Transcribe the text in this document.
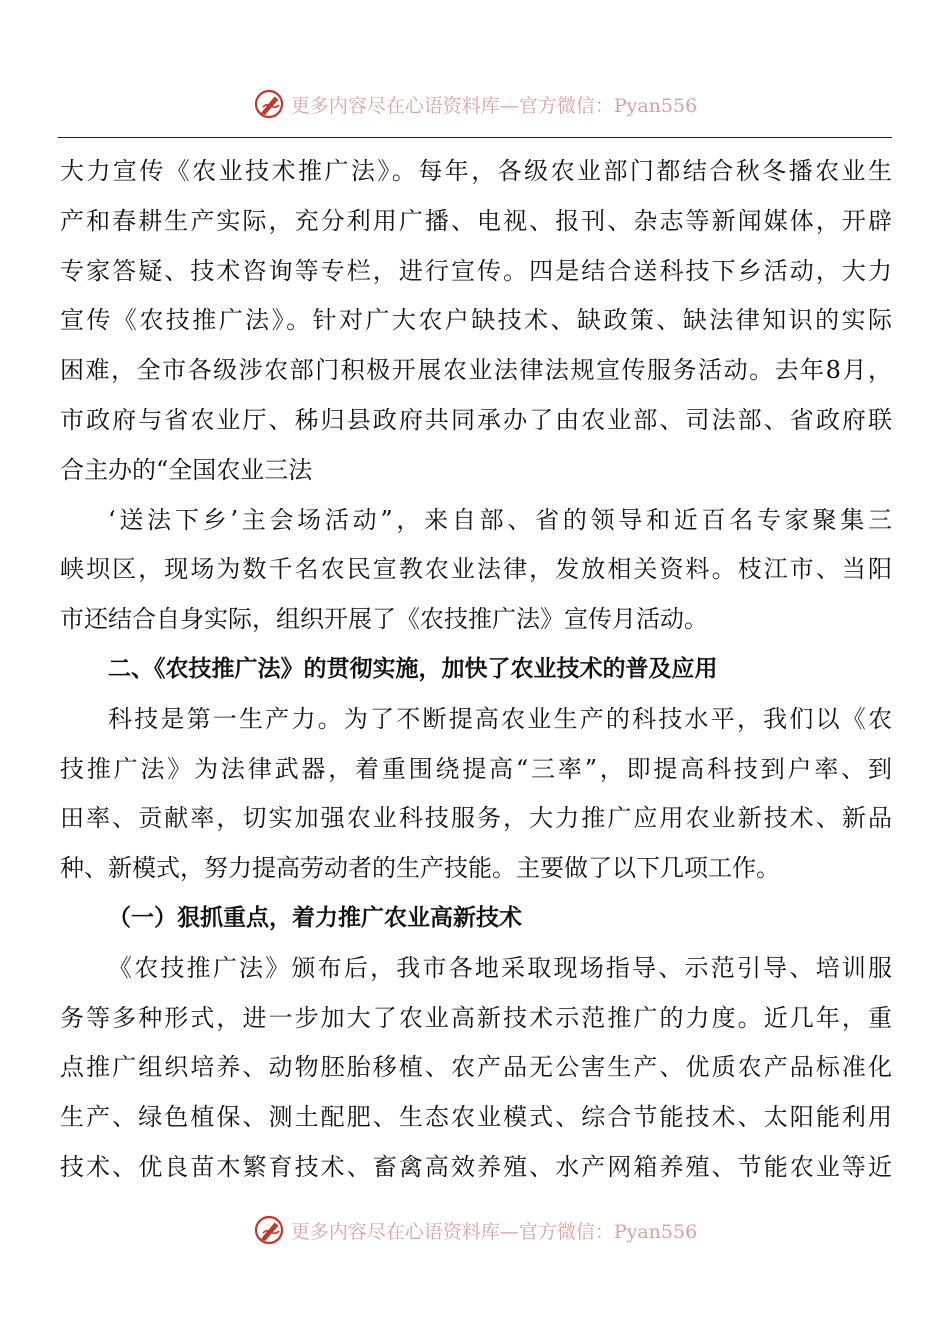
更多内容尽在心语资料库—官方微信：Pyan556
大力宣传《农业技术推广法》。每年，各级农业部门都结合秋冬播农业生
产和春耕生产实际，充分利用广播、电视、报刊、杂志等新闻媒体，开辟
专家答疑、技术咨询等专栏，进行宣传。四是结合送科技下乡活动，大力
宣传《农技推广法》。针对广大农户缺技术、缺政策、缺法律知识的实际
困难，全市各级涉农部门积极开展农业法律法规宣传服务活动。去年8月，
市政府与省农业厅、秭归县政府共同承办了由农业部、司法部、省政府联
合主办的“全国农业三法
‘送法下乡’主会场活动”，来自部、省的领导和近百名专家聚集三
峡坝区，现场为数千名农民宣教农业法律，发放相关资料。枝江市、当阳
市还结合自身实际，组织开展了《农技推广法》宣传月活动。
二、《农技推广法》的贯彻实施，加快了农业技术的普及应用
科技是第一生产力。为了不断提高农业生产的科技水平，我们以《农
技推广法》为法律武器，着重围绕提高“三率”，即提高科技到户率、到
田率、贡献率，切实加强农业科技服务，大力推广应用农业新技术、新品
种、新模式，努力提高劳动者的生产技能。主要做了以下几项工作。
（一）狠抓重点，着力推广农业高新技术
《农技推广法》颁布后，我市各地采取现场指导、示范引导、培训服
务等多种形式，进一步加大了农业高新技术示范推广的力度。近几年，重
点推广组织培养、动物胚胎移植、农产品无公害生产、优质农产品标准化
生产、绿色植保、测土配肥、生态农业模式、综合节能技术、太阳能利用
技术、优良苗木繁育技术、畜禽高效养殖、水产网箱养殖、节能农业等近
更多内容尽在心语资料库—官方微信：Pyan556
